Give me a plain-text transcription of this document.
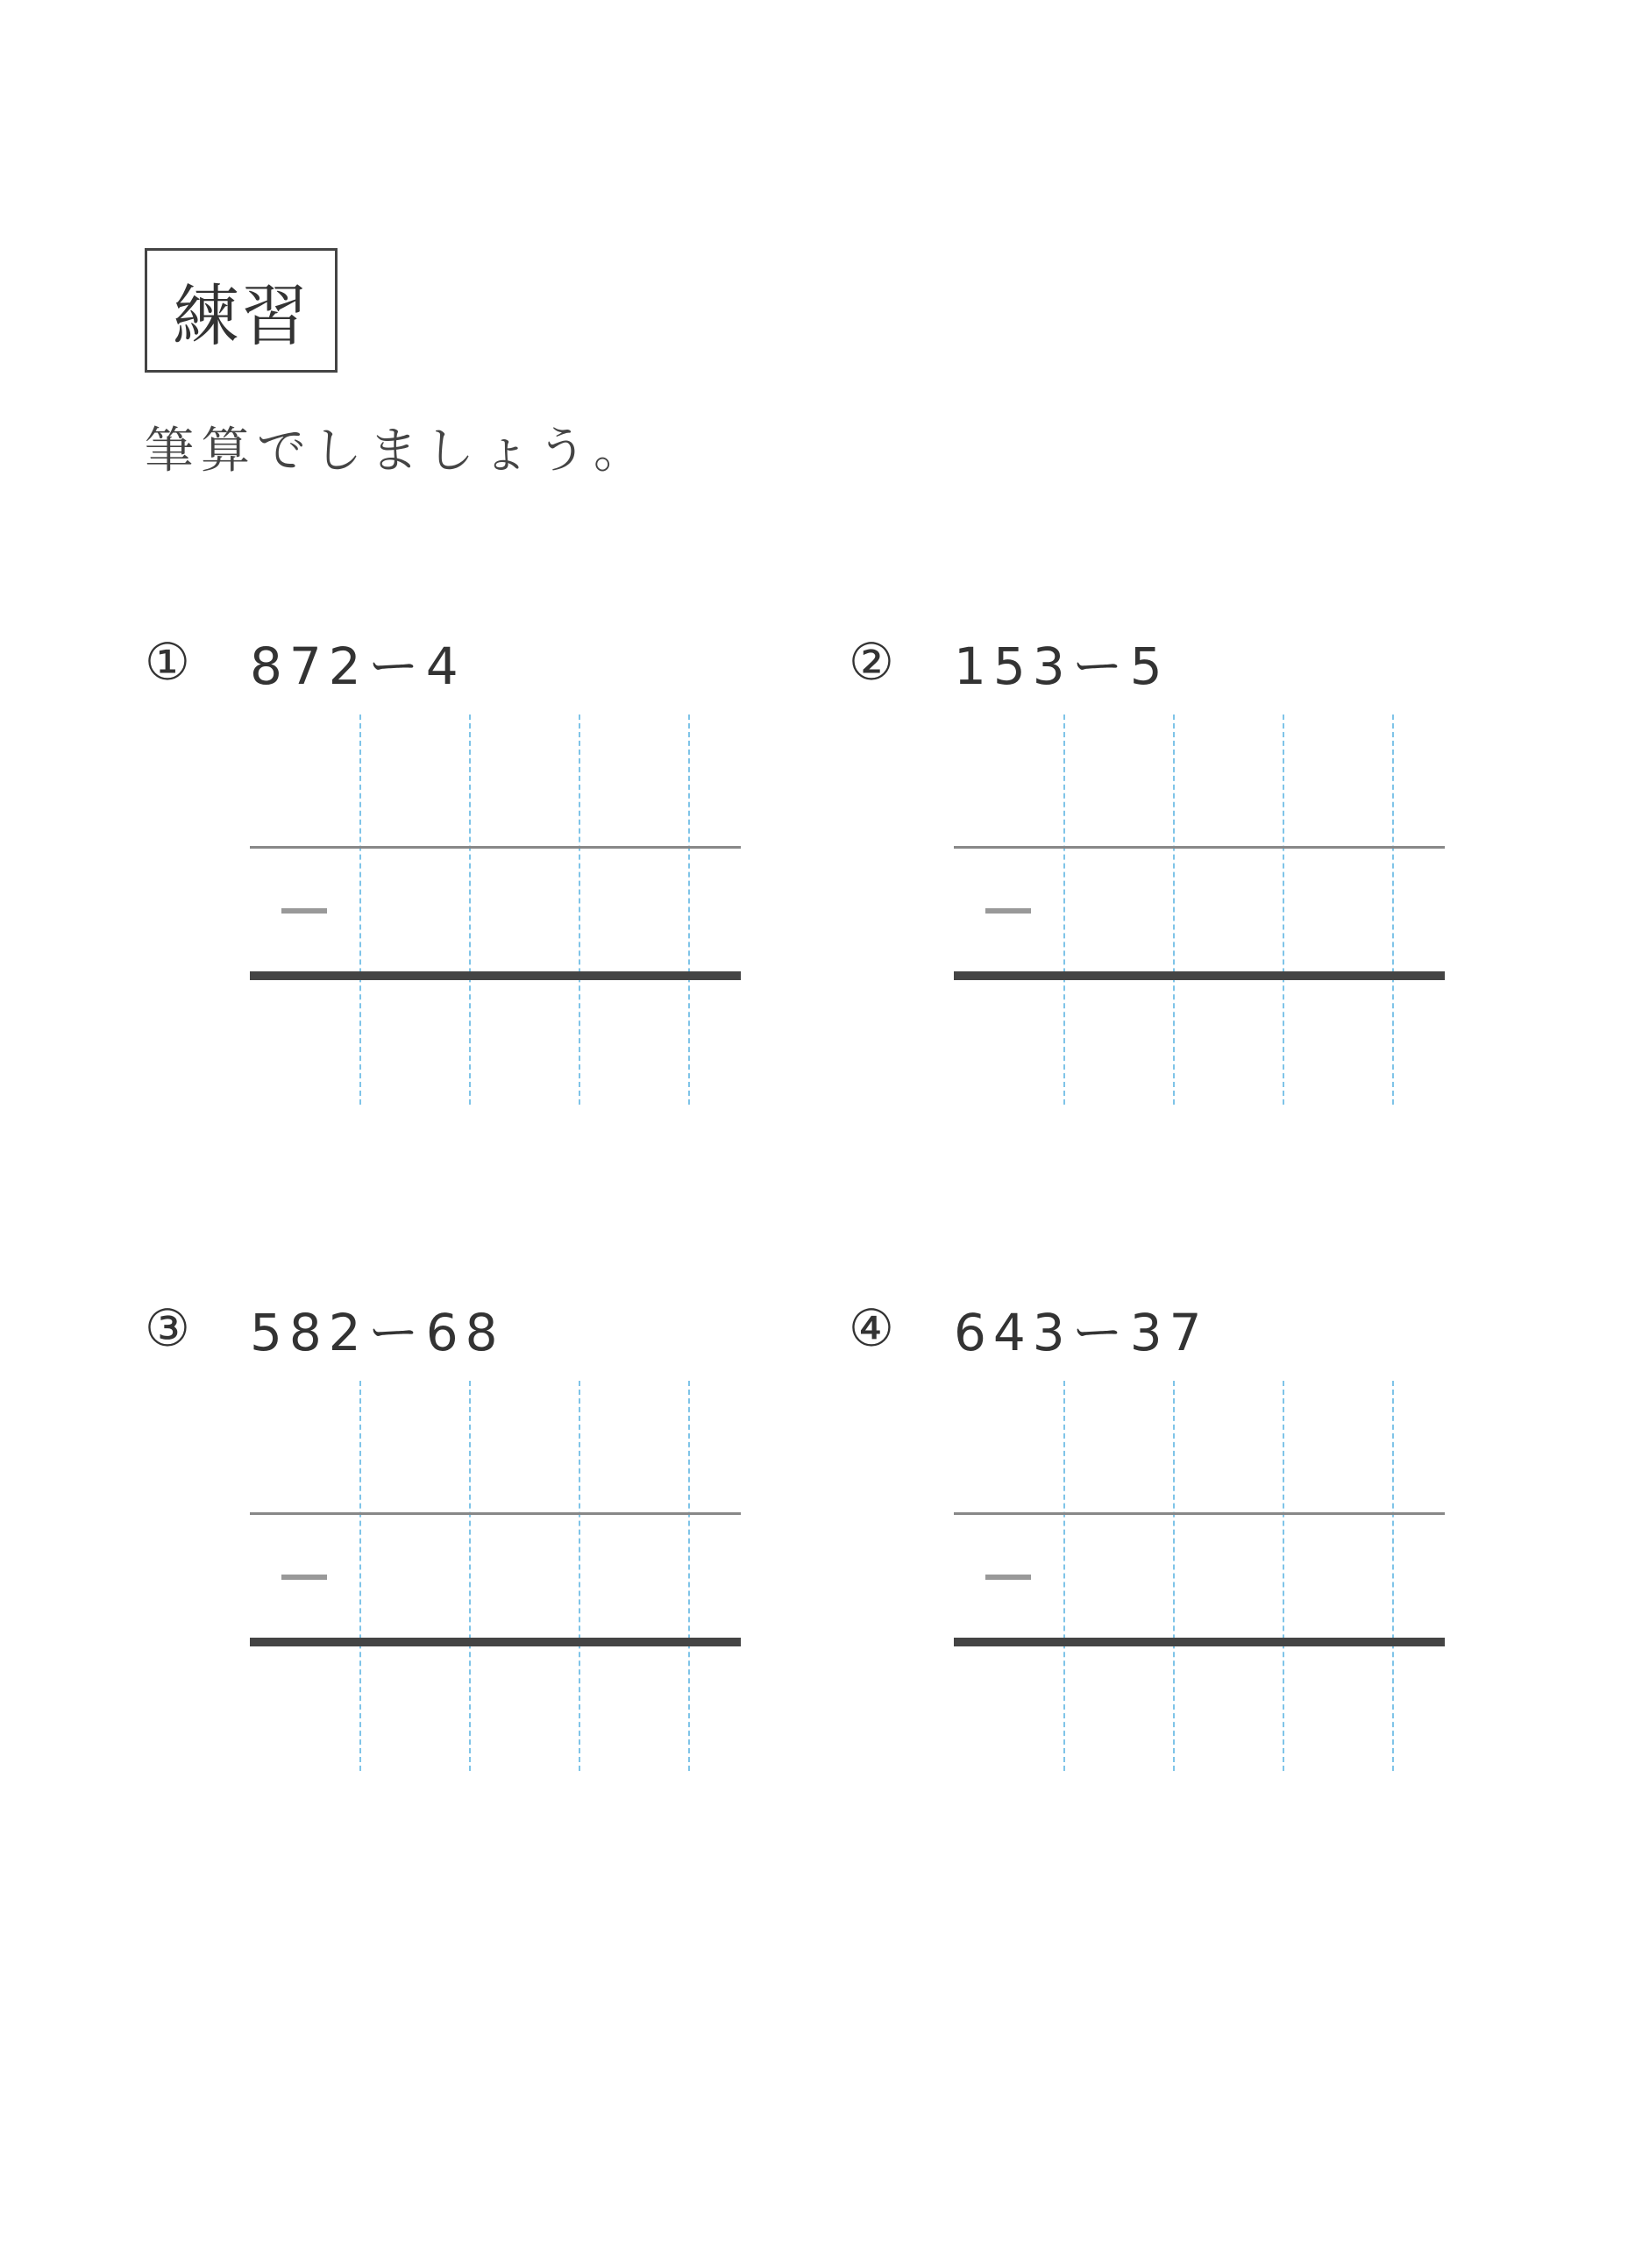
練習
筆算でしましょう。
①	872ー4	②	153ー5
③	582ー68	④	643ー37
